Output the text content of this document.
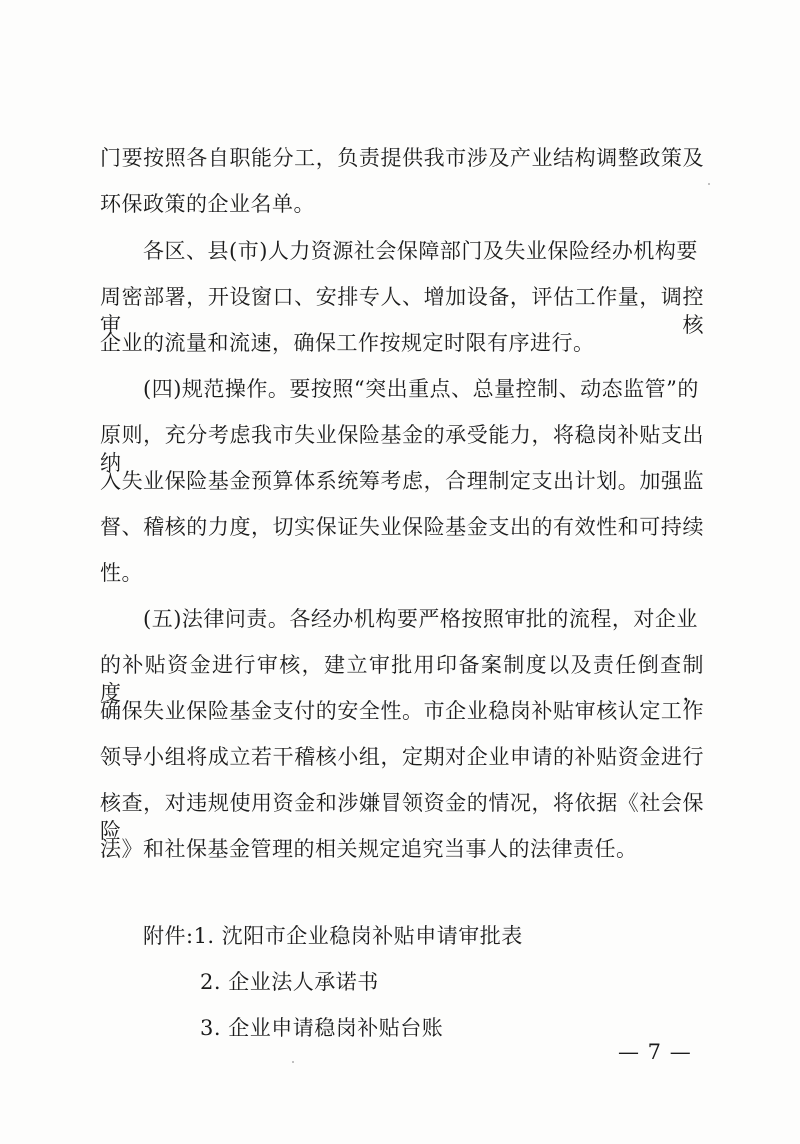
门要按照各自职能分工，负责提供我市涉及产业结构调整政策及
环保政策的企业名单。
各区、县(市)人力资源社会保障部门及失业保险经办机构要
周密部署，开设窗口、安排专人、增加设备，评估工作量，调控审核
企业的流量和流速，确保工作按规定时限有序进行。
(四)规范操作。要按照“突出重点、总量控制、动态监管”的
原则，充分考虑我市失业保险基金的承受能力，将稳岗补贴支出纳
入失业保险基金预算体系统筹考虑，合理制定支出计划。加强监
督、稽核的力度，切实保证失业保险基金支出的有效性和可持续
性。
(五)法律问责。各经办机构要严格按照审批的流程，对企业
的补贴资金进行审核，建立审批用印备案制度以及责任倒查制度，
确保失业保险基金支付的安全性。市企业稳岗补贴审核认定工作
领导小组将成立若干稽核小组，定期对企业申请的补贴资金进行
核查，对违规使用资金和涉嫌冒领资金的情况，将依据《社会保险
法》和社保基金管理的相关规定追究当事人的法律责任。
附件:1. 沈阳市企业稳岗补贴申请审批表
2. 企业法人承诺书
3. 企业申请稳岗补贴台账
— 7 —
